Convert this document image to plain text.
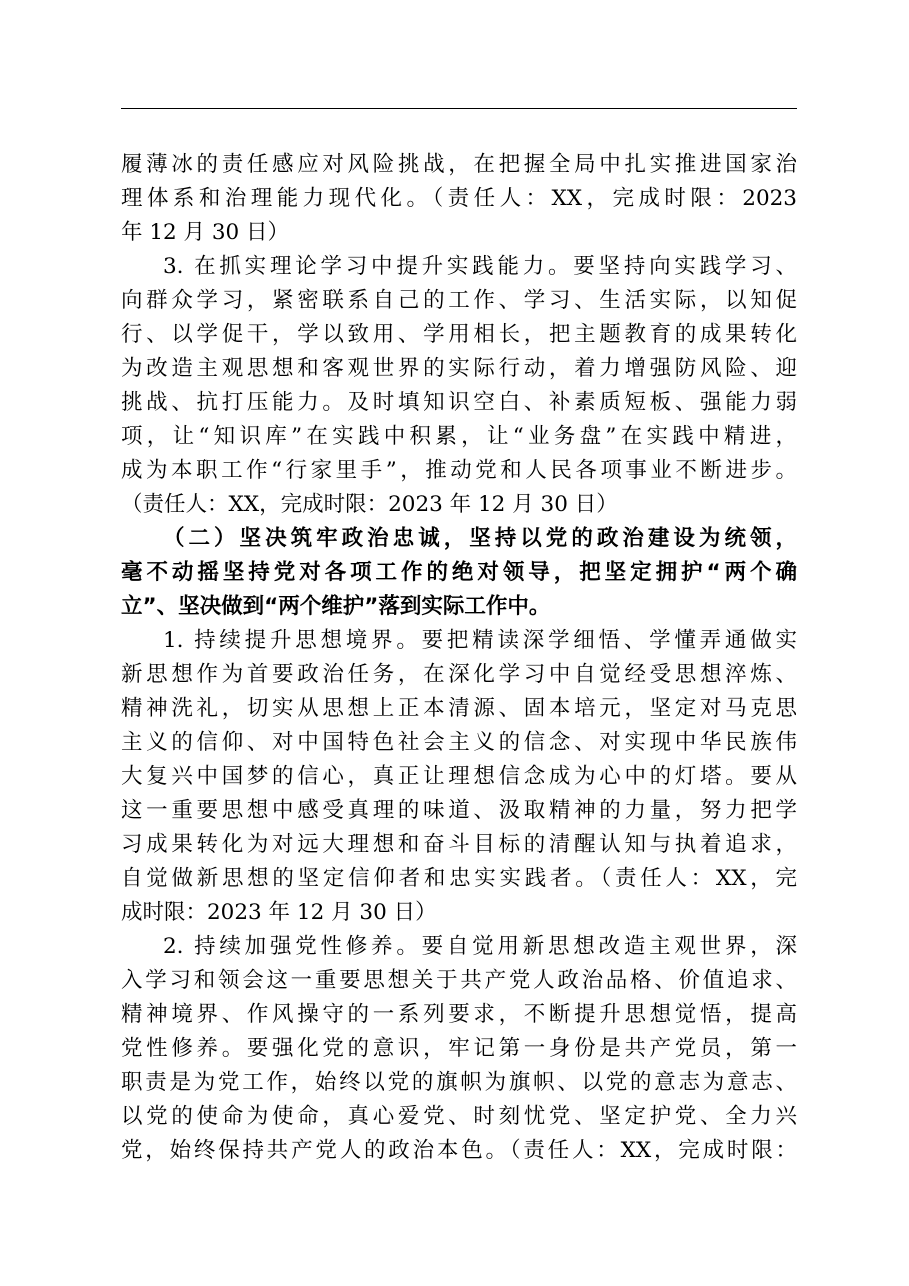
履薄冰的责任感应对风险挑战，在把握全局中扎实推进国家治
理体系和治理能力现代化。（责任人：XX，完成时限：2023
年 12 月 30 日）
3. 在抓实理论学习中提升实践能力。要坚持向实践学习、
向群众学习，紧密联系自己的工作、学习、生活实际，以知促
行、以学促干，学以致用、学用相长，把主题教育的成果转化
为改造主观思想和客观世界的实际行动，着力增强防风险、迎
挑战、抗打压能力。及时填知识空白、补素质短板、强能力弱
项，让“知识库”在实践中积累，让“业务盘”在实践中精进，
成为本职工作“行家里手”，推动党和人民各项事业不断进步。
（责任人：XX，完成时限：2023 年 12 月 30 日）
（二）坚决筑牢政治忠诚，坚持以党的政治建设为统领，
毫不动摇坚持党对各项工作的绝对领导，把坚定拥护“两个确
立”、坚决做到“两个维护”落到实际工作中。
1. 持续提升思想境界。要把精读深学细悟、学懂弄通做实
新思想作为首要政治任务，在深化学习中自觉经受思想淬炼、
精神洗礼，切实从思想上正本清源、固本培元，坚定对马克思
主义的信仰、对中国特色社会主义的信念、对实现中华民族伟
大复兴中国梦的信心，真正让理想信念成为心中的灯塔。要从
这一重要思想中感受真理的味道、汲取精神的力量，努力把学
习成果转化为对远大理想和奋斗目标的清醒认知与执着追求，
自觉做新思想的坚定信仰者和忠实实践者。（责任人：XX，完
成时限：2023 年 12 月 30 日）
2. 持续加强党性修养。要自觉用新思想改造主观世界，深
入学习和领会这一重要思想关于共产党人政治品格、价值追求、
精神境界、作风操守的一系列要求，不断提升思想觉悟，提高
党性修养。要强化党的意识，牢记第一身份是共产党员，第一
职责是为党工作，始终以党的旗帜为旗帜、以党的意志为意志、
以党的使命为使命，真心爱党、时刻忧党、坚定护党、全力兴
党，始终保持共产党人的政治本色。（责任人：XX，完成时限：
